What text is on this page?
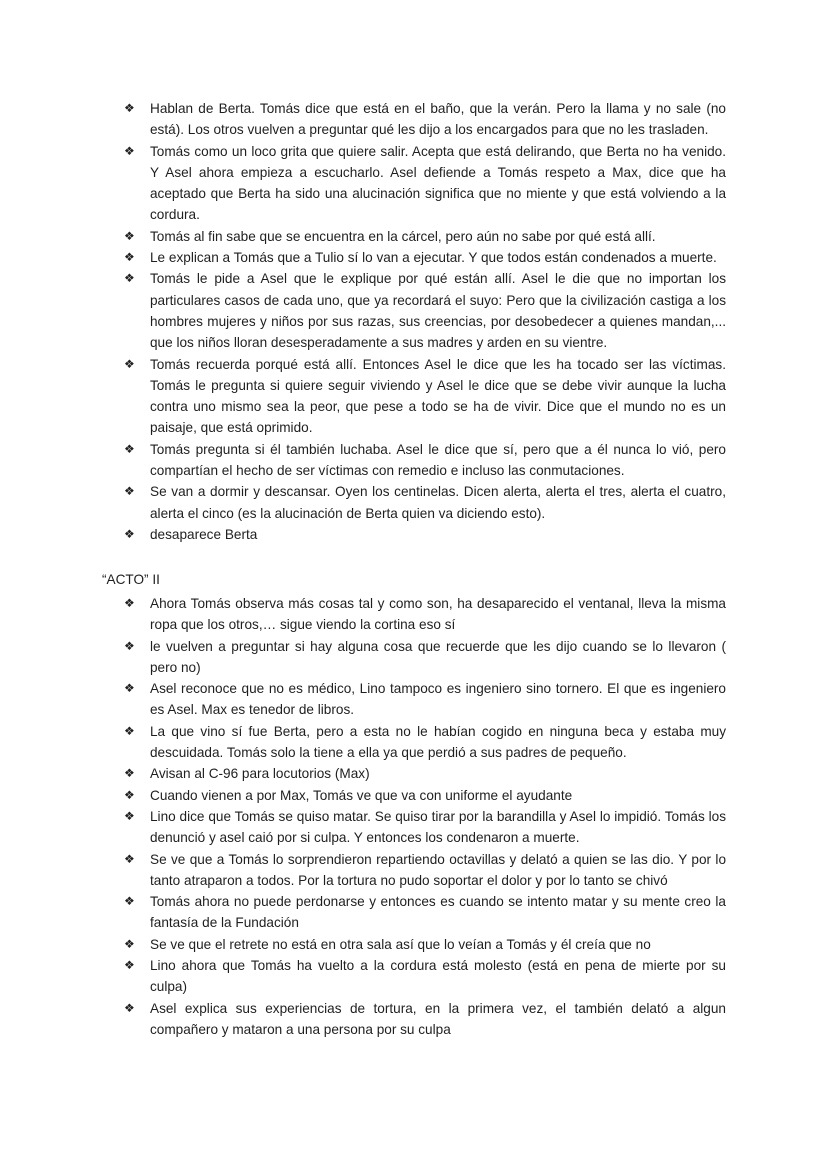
❖	Hablan de Berta. Tomás dice que está en el baño, que la verán. Pero la llama y no sale (no está). Los otros vuelven a preguntar qué les dijo a los encargados para que no les trasladen.
❖	Tomás como un loco grita que quiere salir. Acepta que está delirando, que Berta no ha venido. Y Asel ahora empieza a escucharlo. Asel defiende a Tomás respeto a Max, dice que ha aceptado que Berta ha sido una alucinación significa que no miente y que está volviendo a la cordura.
❖	Tomás al fin sabe que se encuentra en la cárcel, pero aún no sabe por qué está allí.
❖	Le explican a Tomás que a Tulio sí lo van a ejecutar. Y que todos están condenados a muerte.
❖	Tomás le pide a Asel que le explique por qué están allí. Asel le die que no importan los particulares casos de cada uno, que ya recordará el suyo: Pero que la civilización castiga a los hombres mujeres y niños por sus razas, sus creencias, por desobedecer a quienes mandan,... que los niños lloran desesperadamente a sus madres y arden en su vientre.
❖	Tomás recuerda porqué está allí. Entonces Asel le dice que les ha tocado ser las víctimas. Tomás le pregunta si quiere seguir viviendo y Asel le dice que se debe vivir aunque la lucha contra uno mismo sea la peor, que pese a todo se ha de vivir. Dice que el mundo no es un paisaje, que está oprimido.
❖	Tomás pregunta si él también luchaba. Asel le dice que sí, pero que a él nunca lo vió, pero compartían el hecho de ser víctimas con remedio e incluso las conmutaciones.
❖	Se van a dormir y descansar. Oyen los centinelas. Dicen alerta, alerta el tres, alerta el cuatro, alerta el cinco (es la alucinación de Berta quien va diciendo esto).
❖	desaparece Berta
“ACTO” II
❖	Ahora Tomás observa más cosas tal y como son, ha desaparecido el ventanal, lleva la misma ropa que los otros,… sigue viendo la cortina eso sí
❖	le vuelven a preguntar si hay alguna cosa que recuerde que les dijo cuando se lo llevaron ( pero no)
❖	Asel reconoce que no es médico, Lino tampoco es ingeniero sino tornero. El que es ingeniero es Asel. Max es tenedor de libros.
❖	La que vino sí fue Berta, pero a esta no le habían cogido en ninguna beca y estaba muy descuidada. Tomás solo la tiene a ella ya que perdió a sus padres de pequeño.
❖	Avisan al C-96 para locutorios (Max)
❖	Cuando vienen a por Max, Tomás ve que va con uniforme el ayudante
❖	Lino dice que Tomás se quiso matar. Se quiso tirar por la barandilla y Asel lo impidió. Tomás los denunció y asel caió por si culpa. Y entonces los condenaron a muerte.
❖	Se ve que a Tomás lo sorprendieron repartiendo octavillas y delató a quien se las dio. Y por lo tanto atraparon a todos. Por la tortura no pudo soportar el dolor y por lo tanto se chivó
❖	Tomás ahora no puede perdonarse y entonces es cuando se intento matar y su mente creo la fantasía de la Fundación
❖	Se ve que el retrete no está en otra sala así que lo veían a Tomás y él creía que no
❖	Lino ahora que Tomás ha vuelto a la cordura está molesto (está en pena de mierte por su culpa)
❖	Asel explica sus experiencias de tortura, en la primera vez, el también delató a algun compañero y mataron a una persona por su culpa
